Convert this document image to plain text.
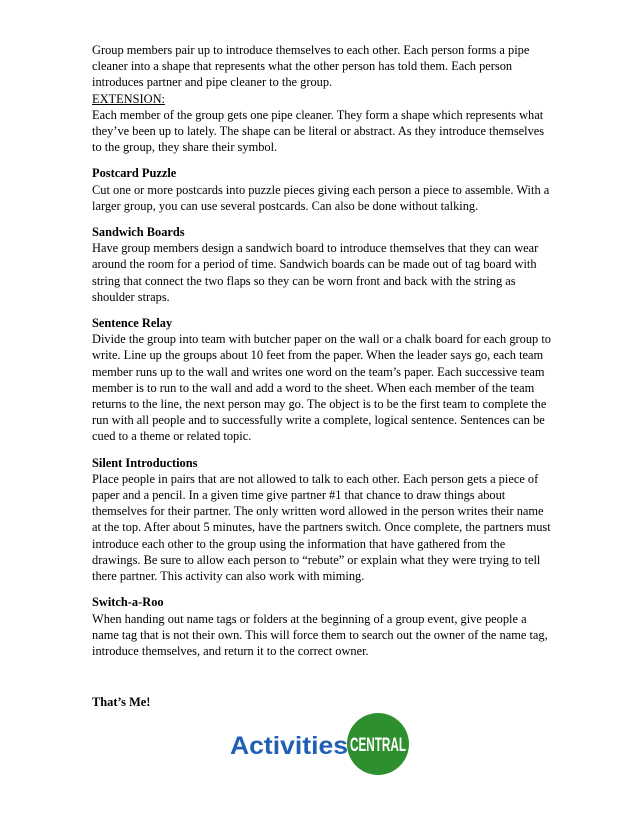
Group members pair up to introduce themselves to each other. Each person forms a pipe cleaner into a shape that represents what the other person has told them. Each person introduces partner and pipe cleaner to the group.

EXTENSION:

Each member of the group gets one pipe cleaner. They form a shape which represents what they’ve been up to lately. The shape can be literal or abstract. As they introduce themselves to the group, they share their symbol.

Postcard Puzzle

Cut one or more postcards into puzzle pieces giving each person a piece to assemble. With a larger group, you can use several postcards. Can also be done without talking.

Sandwich Boards

Have group members design a sandwich board to introduce themselves that they can wear around the room for a period of time. Sandwich boards can be made out of tag board with string that connect the two flaps so they can be worn front and back with the string as shoulder straps.

Sentence Relay

Divide the group into team with butcher paper on the wall or a chalk board for each group to write. Line up the groups about 10 feet from the paper. When the leader says go, each team member runs up to the wall and writes one word on the team’s paper. Each successive team member is to run to the wall and add a word to the sheet. When each member of the team returns to the line, the next person may go. The object is to be the first team to complete the run with all people and to successfully write a complete, logical sentence. Sentences can be cued to a theme or related topic.

Silent Introductions

Place people in pairs that are not allowed to talk to each other. Each person gets a piece of paper and a pencil. In a given time give partner #1 that chance to draw things about themselves for their partner. The only written word allowed in the person writes their name at the top. After about 5 minutes, have the partners switch. Once complete, the partners must introduce each other to the group using the information that have gathered from the drawings. Be sure to allow each person to “rebute” or explain what they were trying to tell there partner. This activity can also work with miming.

Switch-a-Roo

When handing out name tags or folders at the beginning of a group event, give people a name tag that is not their own. This will force them to search out the owner of the name tag, introduce themselves, and return it to the correct owner.

That’s Me!
Activities CENTRAL
